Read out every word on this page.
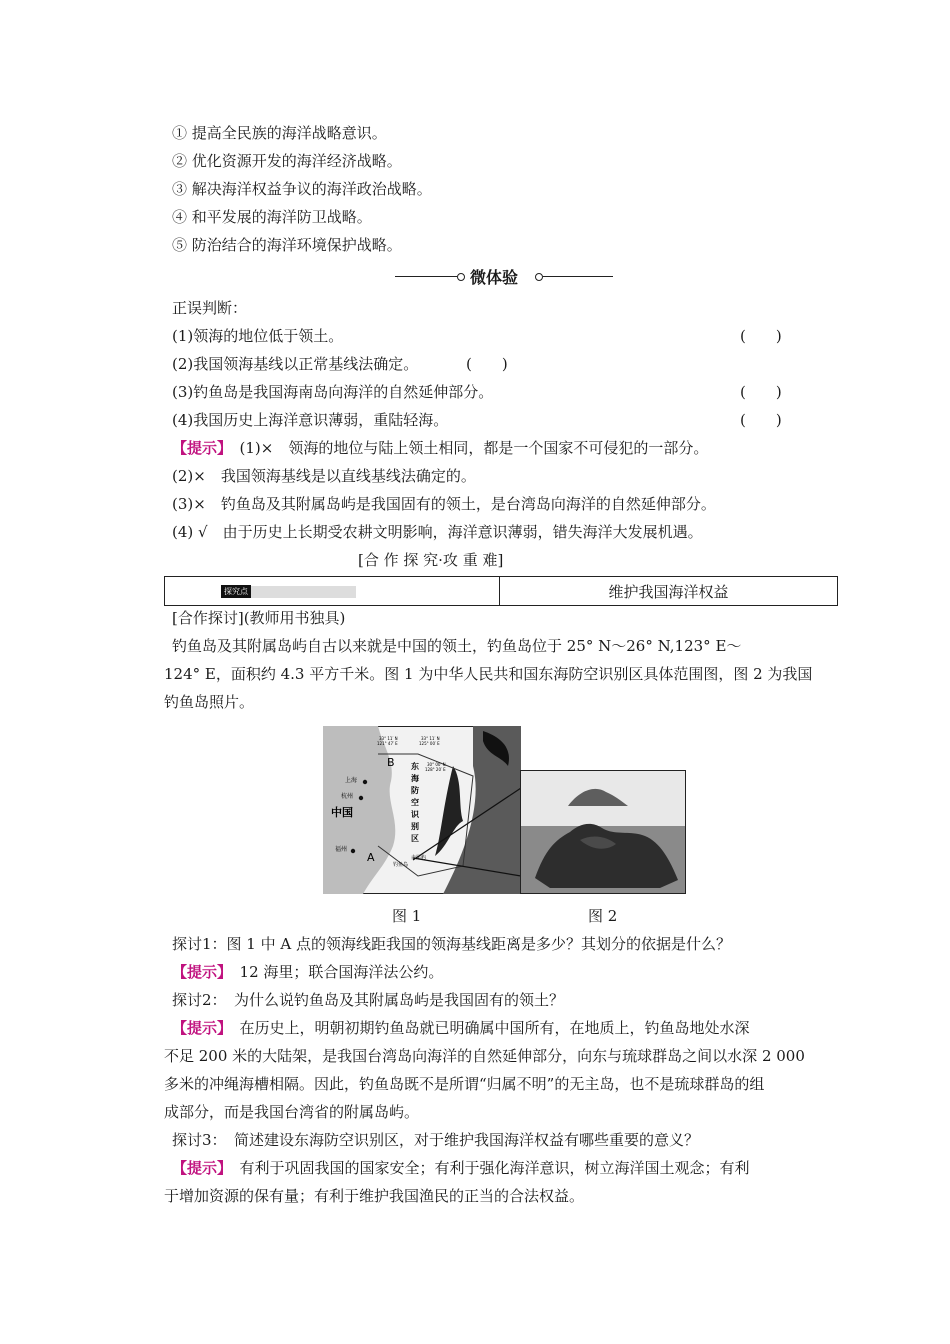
① 提高全民族的海洋战略意识。
② 优化资源开发的海洋经济战略。
③ 解决海洋权益争议的海洋政治战略。
④ 和平发展的海洋防卫战略。
⑤ 防治结合的海洋环境保护战略。
微体验
正误判断：
(1)领海的地位低于领土。	(　　)
(2)我国领海基线以正常基线法确定。	(　　)
(3)钓鱼岛是我国海南岛向海洋的自然延伸部分。	(　　)
(4)我国历史上海洋意识薄弱，重陆轻海。	(　　)
【提示】　 (1)×　领海的地位与陆上领土相同，都是一个国家不可侵犯的一部分。
(2)×　我国领海基线是以直线基线法确定的。
(3)×　钓鱼岛及其附属岛屿是我国固有的领土，是台湾岛向海洋的自然延伸部分。
(4) √　由于历史上长期受农耕文明影响，海洋意识薄弱，错失海洋大发展机遇。
[合 作 探 究·攻 重 难]
探究点	维护我国海洋权益
[合作探讨](教师用书独具)
钓鱼岛及其附属岛屿自古以来就是中国的领土，钓鱼岛位于 25° N～26° N,123° E～
124° E，面积约 4.3 平方千米。图 1 为中华人民共和国东海防空识别区具体范围图，图 2 为我国
钓鱼岛照片。
中国
上海
杭州
福州
A
B 东
海
防
空
识
别
区
赤尾屿
钓鱼岛
33° 11′ N
121° 47′ E
33° 11′ N
125° 00′ E
30° 00′ N
128° 20′ E
图 1	图 2
探讨1：图 1 中 A 点的领海线距我国的领海基线距离是多少？其划分的依据是什么？
【提示】　 12 海里；联合国海洋法公约。
探讨2：　为什么说钓鱼岛及其附属岛屿是我国固有的领土？
【提示】　 在历史上，明朝初期钓鱼岛就已明确属中国所有，在地质上，钓鱼岛地处水深
不足 200 米的大陆架，是我国台湾岛向海洋的自然延伸部分，向东与琉球群岛之间以水深 2 000
多米的冲绳海槽相隔。因此，钓鱼岛既不是所谓“归属不明”的无主岛，也不是琉球群岛的组
成部分，而是我国台湾省的附属岛屿。
探讨3：　简述建设东海防空识别区，对于维护我国海洋权益有哪些重要的意义？
【提示】　 有利于巩固我国的国家安全；有利于强化海洋意识，树立海洋国土观念；有利
于增加资源的保有量；有利于维护我国渔民的正当的合法权益。
